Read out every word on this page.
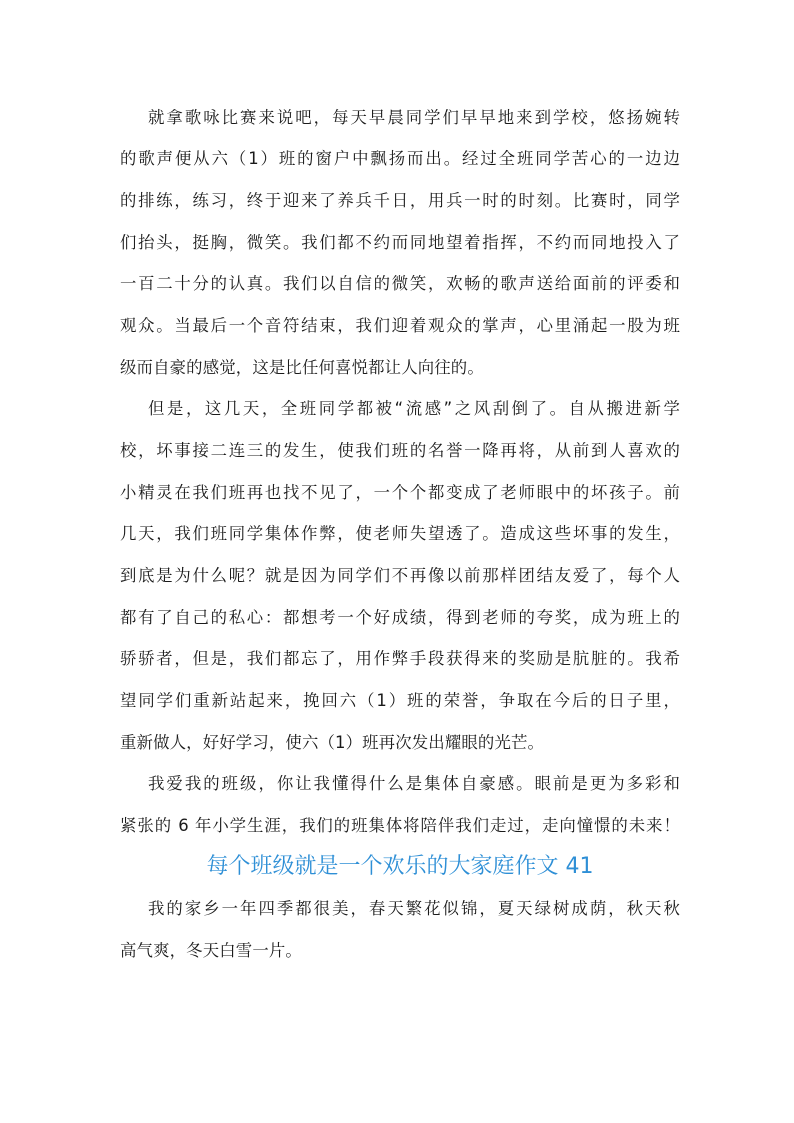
就拿歌咏比赛来说吧，每天早晨同学们早早地来到学校，悠扬婉转
的歌声便从六（1）班的窗户中飘扬而出。经过全班同学苦心的一边边
的排练，练习，终于迎来了养兵千日，用兵一时的时刻。比赛时，同学
们抬头，挺胸，微笑。我们都不约而同地望着指挥，不约而同地投入了
一百二十分的认真。我们以自信的微笑，欢畅的歌声送给面前的评委和
观众。当最后一个音符结束，我们迎着观众的掌声，心里涌起一股为班
级而自豪的感觉，这是比任何喜悦都让人向往的。
但是，这几天，全班同学都被“流感”之风刮倒了。自从搬进新学
校，坏事接二连三的发生，使我们班的名誉一降再将，从前到人喜欢的
小精灵在我们班再也找不见了，一个个都变成了老师眼中的坏孩子。前
几天，我们班同学集体作弊，使老师失望透了。造成这些坏事的发生，
到底是为什么呢？就是因为同学们不再像以前那样团结友爱了，每个人
都有了自己的私心：都想考一个好成绩，得到老师的夸奖，成为班上的
骄骄者，但是，我们都忘了，用作弊手段获得来的奖励是肮脏的。我希
望同学们重新站起来，挽回六（1）班的荣誉，争取在今后的日子里，
重新做人，好好学习，使六（1）班再次发出耀眼的光芒。
我爱我的班级，你让我懂得什么是集体自豪感。眼前是更为多彩和
紧张的 6 年小学生涯，我们的班集体将陪伴我们走过，走向憧憬的未来！
每个班级就是一个欢乐的大家庭作文 41
我的家乡一年四季都很美，春天繁花似锦，夏天绿树成荫，秋天秋
高气爽，冬天白雪一片。
